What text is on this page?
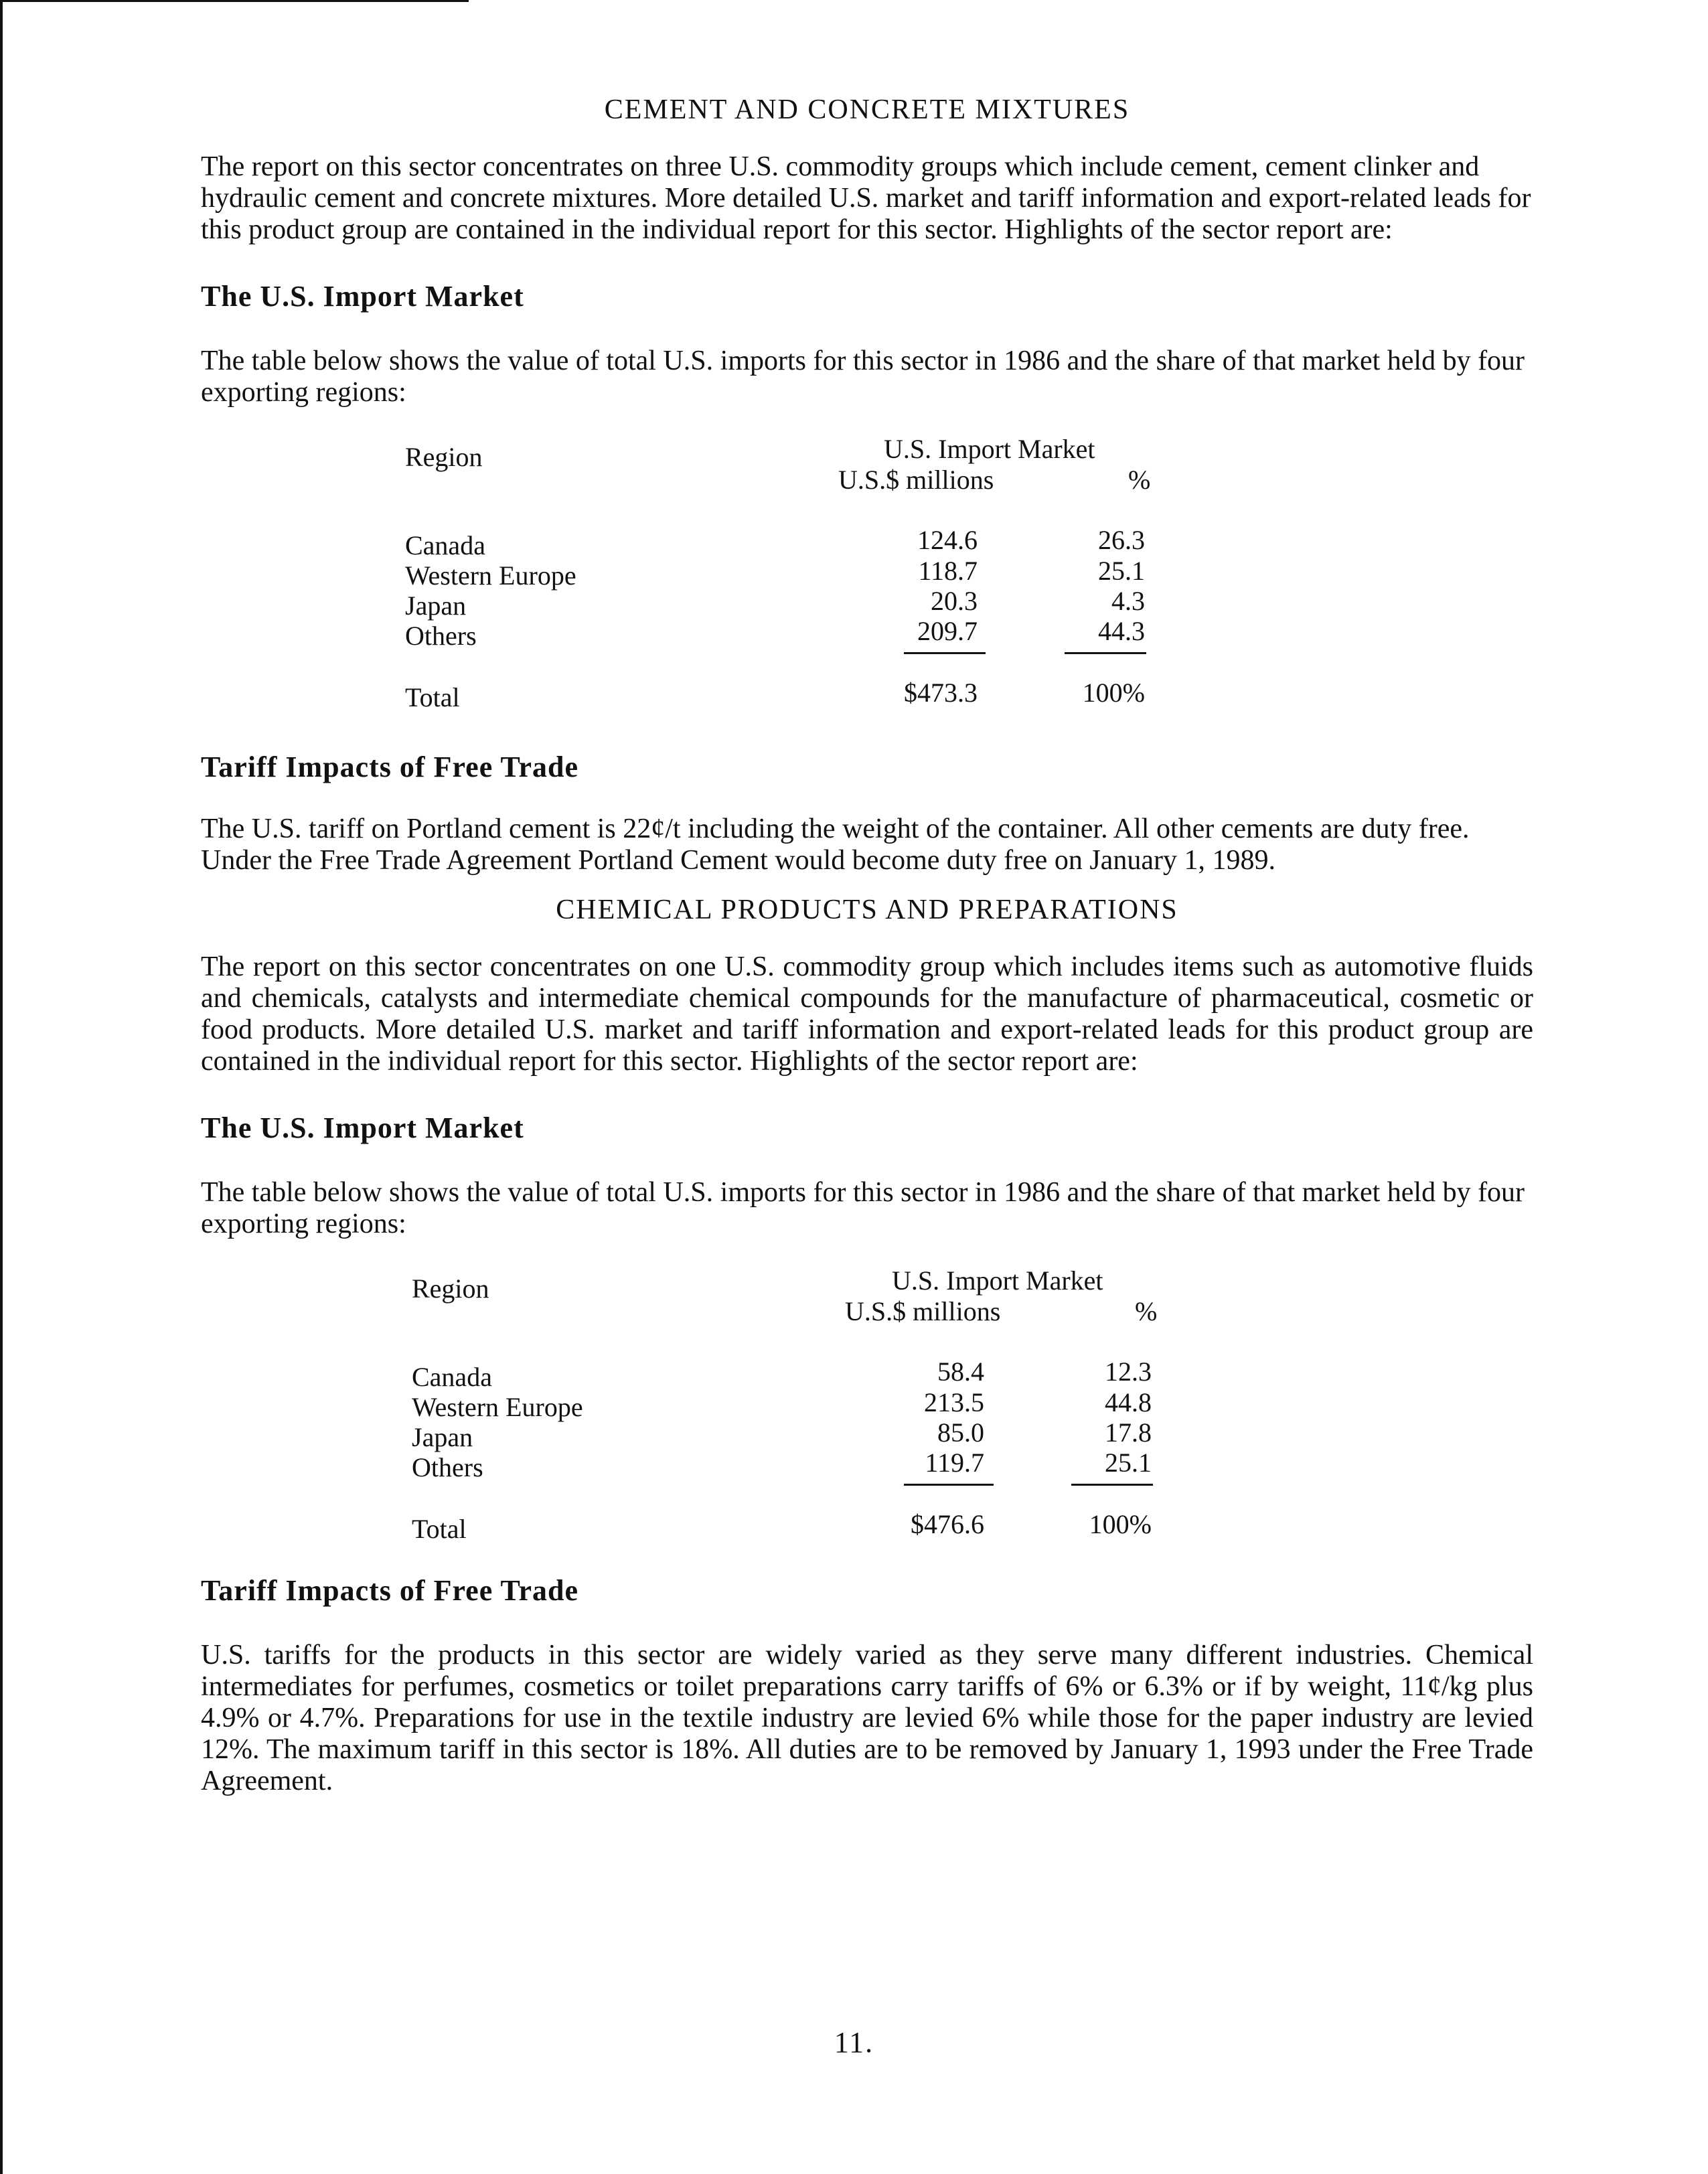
CEMENT AND CONCRETE MIXTURES

The report on this sector concentrates on three U.S. commodity groups which include cement, cement clinker and hydraulic cement and concrete mixtures. More detailed U.S. market and tariff information and export-related leads for this product group are contained in the individual report for this sector. Highlights of the sector report are:

The U.S. Import Market

The table below shows the value of total U.S. imports for this sector in 1986 and the share of that market held by four exporting regions:

Region	U.S. Import Market
U.S.$ millions	%
Canada	124.6	26.3
Western Europe	118.7	25.1
Japan	20.3	4.3
Others	209.7	44.3
Total	$473.3	100%
Tariff Impacts of Free Trade

The U.S. tariff on Portland cement is 22¢/t including the weight of the container. All other cements are duty free. Under the Free Trade Agreement Portland Cement would become duty free on January 1, 1989.

CHEMICAL PRODUCTS AND PREPARATIONS

The report on this sector concentrates on one U.S. commodity group which includes items such as automotive fluids and chemicals, catalysts and intermediate chemical compounds for the manufacture of pharmaceutical, cosmetic or food products. More detailed U.S. market and tariff information and export-related leads for this product group are contained in the individual report for this sector. Highlights of the sector report are:

The U.S. Import Market

The table below shows the value of total U.S. imports for this sector in 1986 and the share of that market held by four exporting regions:

Region	U.S. Import Market
U.S.$ millions	%
Canada	58.4	12.3
Western Europe	213.5	44.8
Japan	85.0	17.8
Others	119.7	25.1
Total	$476.6	100%
Tariff Impacts of Free Trade

U.S. tariffs for the products in this sector are widely varied as they serve many different industries. Chemical intermediates for perfumes, cosmetics or toilet preparations carry tariffs of 6% or 6.3% or if by weight, 11¢/kg plus 4.9% or 4.7%. Preparations for use in the textile industry are levied 6% while those for the paper industry are levied 12%. The maximum tariff in this sector is 18%. All duties are to be removed by January 1, 1993 under the Free Trade Agreement.

11.
